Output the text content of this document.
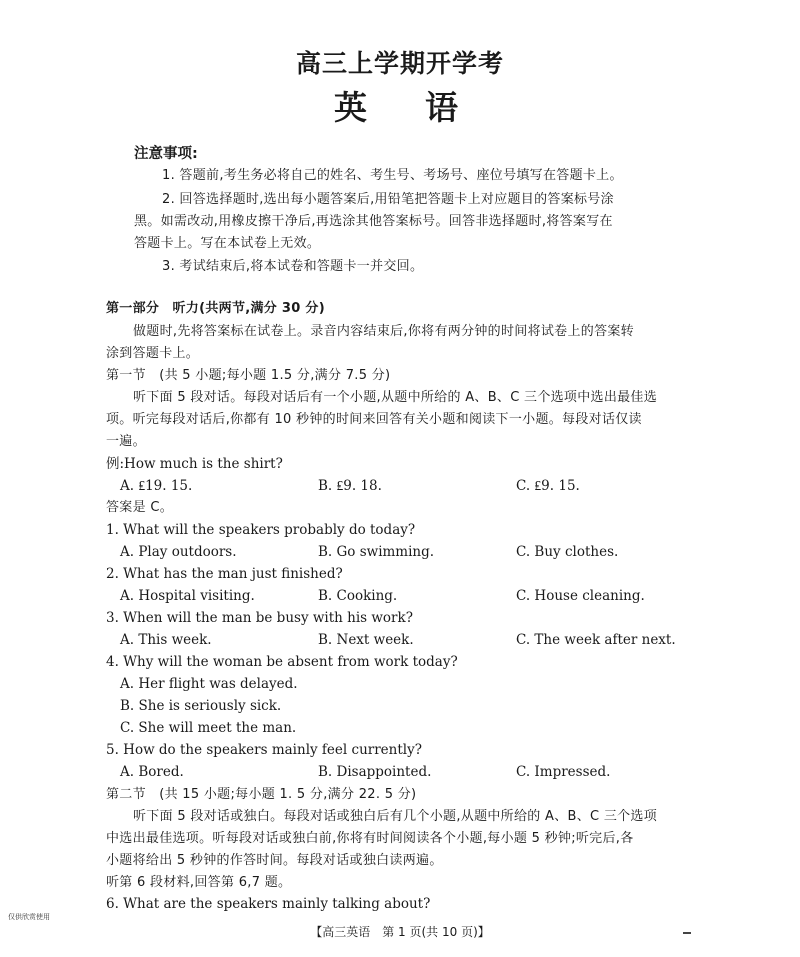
高三上学期开学考
英语
注意事项:
1. 答题前,考生务必将自己的姓名、考生号、考场号、座位号填写在答题卡上。
2. 回答选择题时,选出每小题答案后,用铅笔把答题卡上对应题目的答案标号涂
黑。如需改动,用橡皮擦干净后,再选涂其他答案标号。回答非选择题时,将答案写在
答题卡上。写在本试卷上无效。
3. 考试结束后,将本试卷和答题卡一并交回。
第一部分　听力(共两节,满分 30 分)
做题时,先将答案标在试卷上。录音内容结束后,你将有两分钟的时间将试卷上的答案转
涂到答题卡上。
第一节　(共 5 小题;每小题 1.5 分,满分 7.5 分)
听下面 5 段对话。每段对话后有一个小题,从题中所给的 A、B、C 三个选项中选出最佳选
项。听完每段对话后,你都有 10 秒钟的时间来回答有关小题和阅读下一小题。每段对话仅读
一遍。
例:How much is the shirt?
A. ₤19. 15.	B. ₤9. 18.	C. ₤9. 15.
答案是 C。
1. What will the speakers probably do today?
A. Play outdoors.	B. Go swimming.	C. Buy clothes.
2. What has the man just finished?
A. Hospital visiting.	B. Cooking.	C. House cleaning.
3. When will the man be busy with his work?
A. This week.	B. Next week.	C. The week after next.
4. Why will the woman be absent from work today?
A. Her flight was delayed.
B. She is seriously sick.
C. She will meet the man.
5. How do the speakers mainly feel currently?
A. Bored.	B. Disappointed.	C. Impressed.
第二节　(共 15 小题;每小题 1. 5 分,满分 22. 5 分)
听下面 5 段对话或独白。每段对话或独白后有几个小题,从题中所给的 A、B、C 三个选项
中选出最佳选项。听每段对话或独白前,你将有时间阅读各个小题,每小题 5 秒钟;听完后,各
小题将给出 5 秒钟的作答时间。每段对话或独白读两遍。
听第 6 段材料,回答第 6,7 题。
6. What are the speakers mainly talking about?
仅供欣赏使用
【高三英语　第 1 页(共 10 页)】
